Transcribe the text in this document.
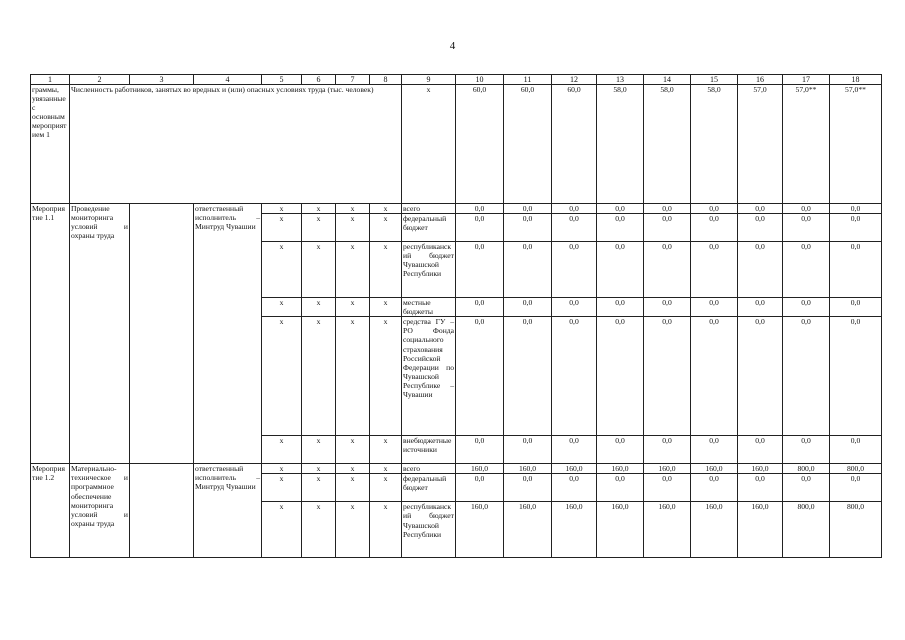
4
1	2	3	4	5	6	7	8	9	10	11	12	13	14	15	16	17	18
граммы, увязанные с основным мероприятием 1	Численность работников, занятых во вредных и (или) опасных условиях труда (тыс. человек)							х	60,0	60,0	60,0	58,0	58,0	58,0	57,0	57,0**	57,0**
Мероприятие 1.1	Проведение мониторинга условий и охраны труда		ответственный исполнитель – Минтруд Чувашии	х	х	х	х	всего	0,0	0,0	0,0	0,0	0,0	0,0	0,0	0,0	0,0
				х	х	х	х	федеральный бюджет	0,0	0,0	0,0	0,0	0,0	0,0	0,0	0,0	0,0
				х	х	х	х	республиканский бюджет Чувашской Республики	0,0	0,0	0,0	0,0	0,0	0,0	0,0	0,0	0,0
				х	х	х	х	местные бюджеты	0,0	0,0	0,0	0,0	0,0	0,0	0,0	0,0	0,0
				х	х	х	х	средства ГУ – РО Фонда социального страхования Российской Федерации по Чувашской Республике – Чувашии	0,0	0,0	0,0	0,0	0,0	0,0	0,0	0,0	0,0
				х	х	х	х	внебюджетные источники	0,0	0,0	0,0	0,0	0,0	0,0	0,0	0,0	0,0
Мероприятие 1.2	Материально-техническое и программное обеспечение мониторинга условий и охраны труда		ответственный исполнитель – Минтруд Чувашии	х	х	х	х	всего	160,0	160,0	160,0	160,0	160,0	160,0	160,0	800,0	800,0
				х	х	х	х	федеральный бюджет	0,0	0,0	0,0	0,0	0,0	0,0	0,0	0,0	0,0
				х	х	х	х	республиканский бюджет Чувашской Республики	160,0	160,0	160,0	160,0	160,0	160,0	160,0	800,0	800,0
